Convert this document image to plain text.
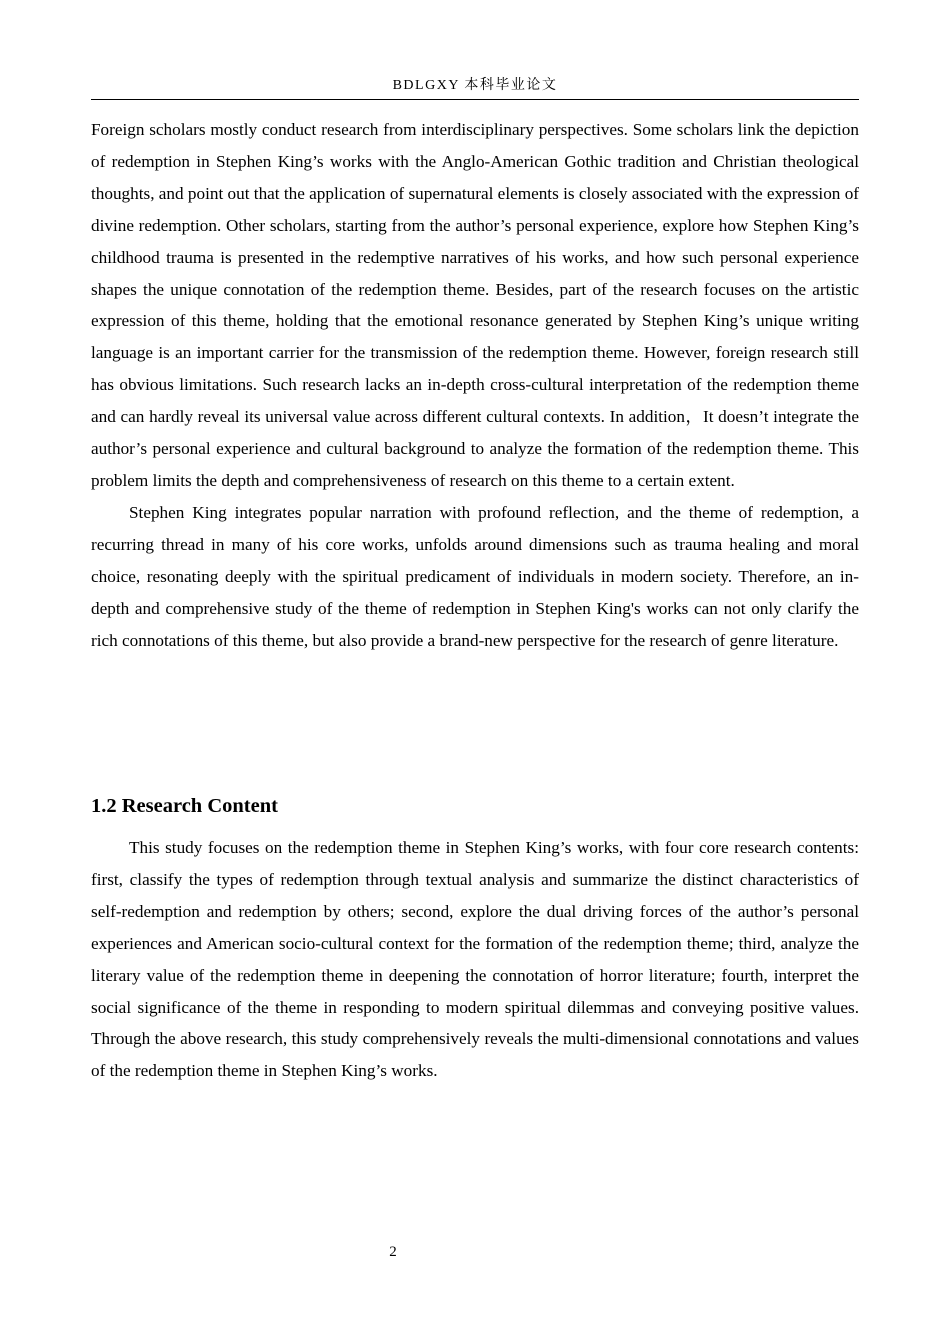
BDLGXY 本科毕业论文

Foreign scholars mostly conduct research from interdisciplinary perspectives. Some scholars link the depiction of redemption in Stephen King’s works with the Anglo-American Gothic tradition and Christian theological thoughts, and point out that the application of supernatural elements is closely associated with the expression of divine redemption. Other scholars, starting from the author’s personal experience, explore how Stephen King’s childhood trauma is presented in the redemptive narratives of his works, and how such personal experience shapes the unique connotation of the redemption theme. Besides, part of the research focuses on the artistic expression of this theme, holding that the emotional resonance generated by Stephen King’s unique writing language is an important carrier for the transmission of the redemption theme. However, foreign research still has obvious limitations. Such research lacks an in-depth cross-cultural interpretation of the redemption theme and can hardly reveal its universal value across different cultural contexts. In addition，It doesn’t integrate the author’s personal experience and cultural background to analyze the formation of the redemption theme. This problem limits the depth and comprehensiveness of research on this theme to a certain extent.

Stephen King integrates popular narration with profound reflection, and the theme of redemption, a recurring thread in many of his core works, unfolds around dimensions such as trauma healing and moral choice, resonating deeply with the spiritual predicament of individuals in modern society. Therefore, an in-depth and comprehensive study of the theme of redemption in Stephen King's works can not only clarify the rich connotations of this theme, but also provide a brand-new perspective for the research of genre literature.

1.2 Research Content

This study focuses on the redemption theme in Stephen King’s works, with four core research contents: first, classify the types of redemption through textual analysis and summarize the distinct characteristics of self-redemption and redemption by others; second, explore the dual driving forces of the author’s personal experiences and American socio-cultural context for the formation of the redemption theme; third, analyze the literary value of the redemption theme in deepening the connotation of horror literature; fourth, interpret the social significance of the theme in responding to modern spiritual dilemmas and conveying positive values. Through the above research, this study comprehensively reveals the multi-dimensional connotations and values of the redemption theme in Stephen King’s works.

2
